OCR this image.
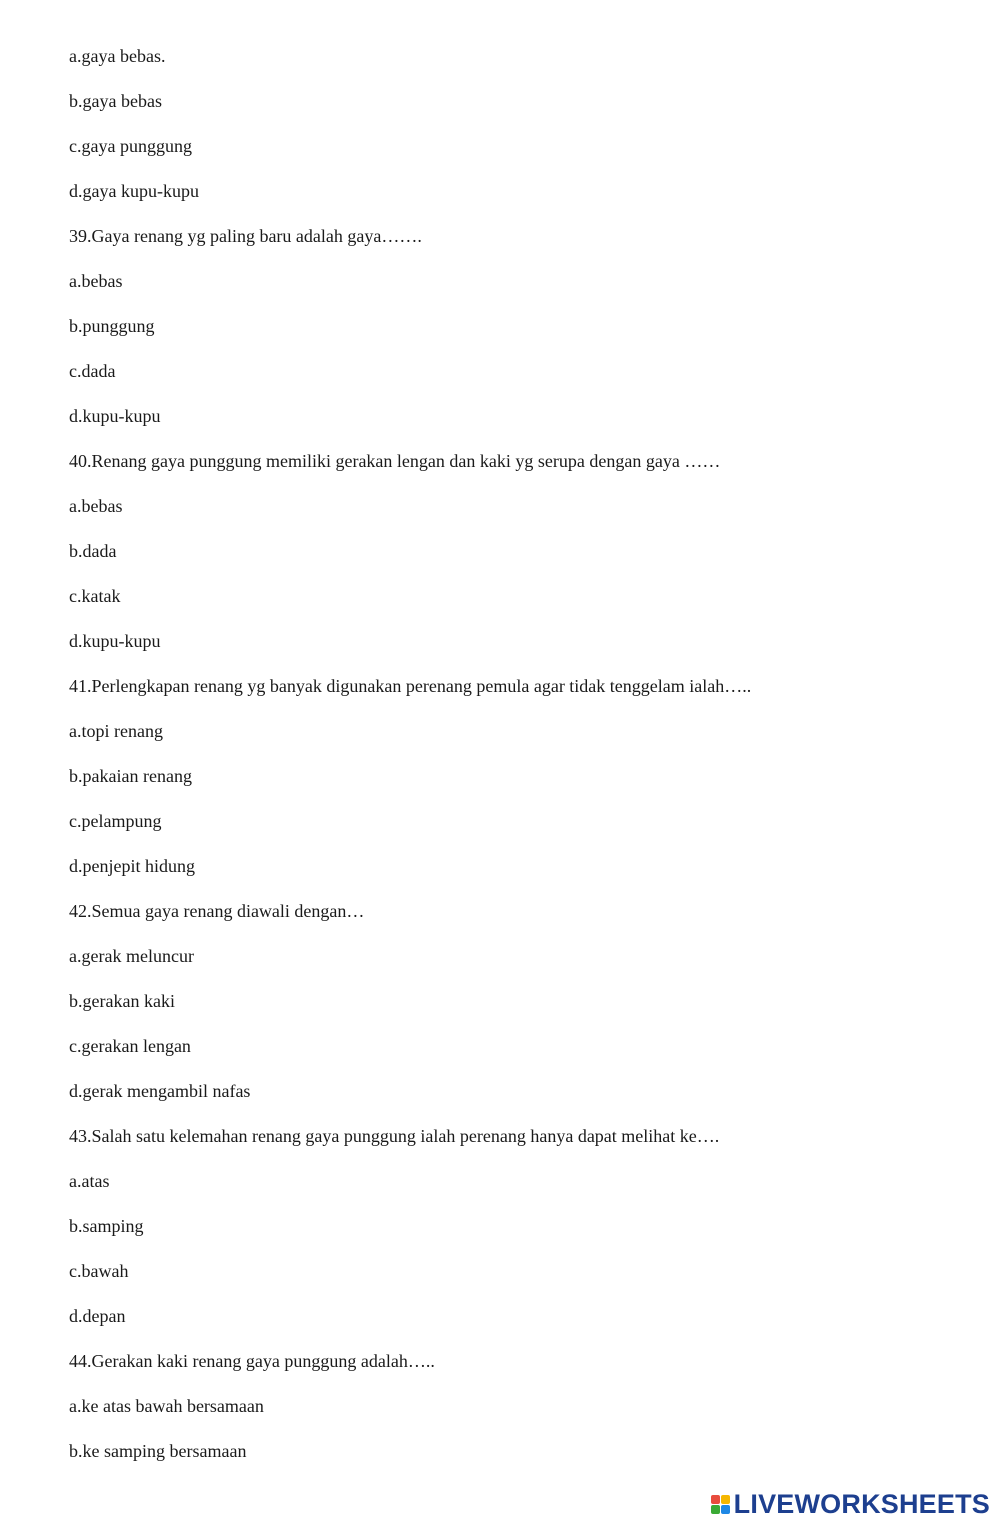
a.gaya bebas.
b.gaya bebas
c.gaya punggung
d.gaya kupu-kupu
39.Gaya renang yg paling baru adalah gaya…….
a.bebas
b.punggung
c.dada
d.kupu-kupu
40.Renang gaya punggung memiliki gerakan lengan dan kaki yg serupa dengan gaya ……
a.bebas
b.dada
c.katak
d.kupu-kupu
41.Perlengkapan renang yg banyak digunakan perenang pemula agar tidak tenggelam ialah…..
a.topi renang
b.pakaian renang
c.pelampung
d.penjepit hidung
42.Semua gaya renang diawali dengan…
a.gerak meluncur
b.gerakan kaki
c.gerakan lengan
d.gerak mengambil nafas
43.Salah satu kelemahan renang gaya punggung ialah perenang hanya dapat melihat ke….
a.atas
b.samping
c.bawah
d.depan
44.Gerakan kaki renang gaya punggung adalah…..
a.ke atas bawah bersamaan
b.ke samping bersamaan
LIVEWORKSHEETS
